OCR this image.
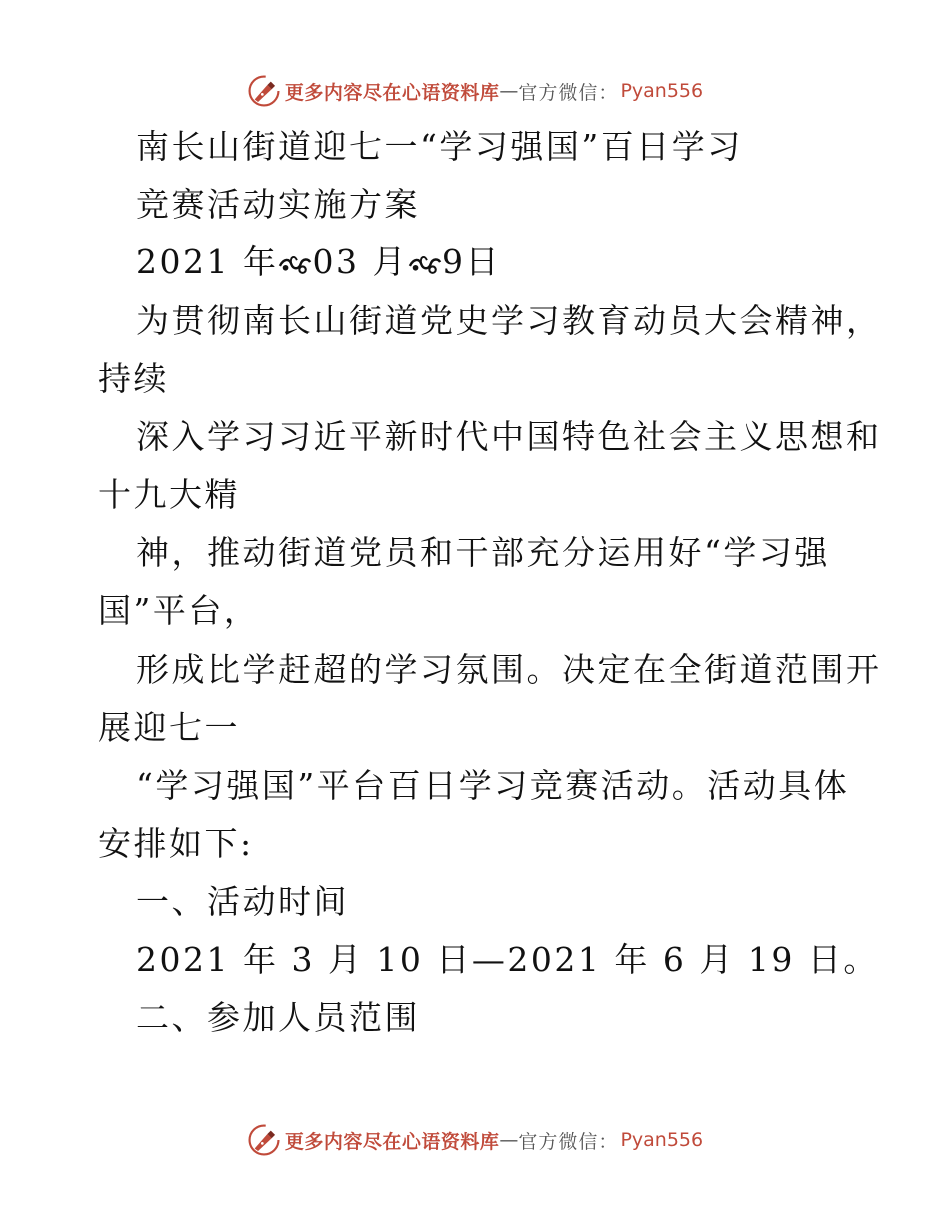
更多内容尽在心语资料库 — 官方微信： Pyan556

南长山街道迎七一“学习强国”百日学习

竞赛活动实施方案

2021 年 03 月 9日

为贯彻南长山街道党史学习教育动员大会精神，

持续

深入学习习近平新时代中国特色社会主义思想和

十九大精

神，推动街道党员和干部充分运用好“学习强

国”平台，

形成比学赶超的学习氛围。决定在全街道范围开

展迎七一

“学习强国”平台百日学习竞赛活动。活动具体

安排如下:

一、活动时间

2021 年 3 月 10 日—2021 年 6 月 19 日。

二、参加人员范围

更多内容尽在心语资料库 — 官方微信： Pyan556
